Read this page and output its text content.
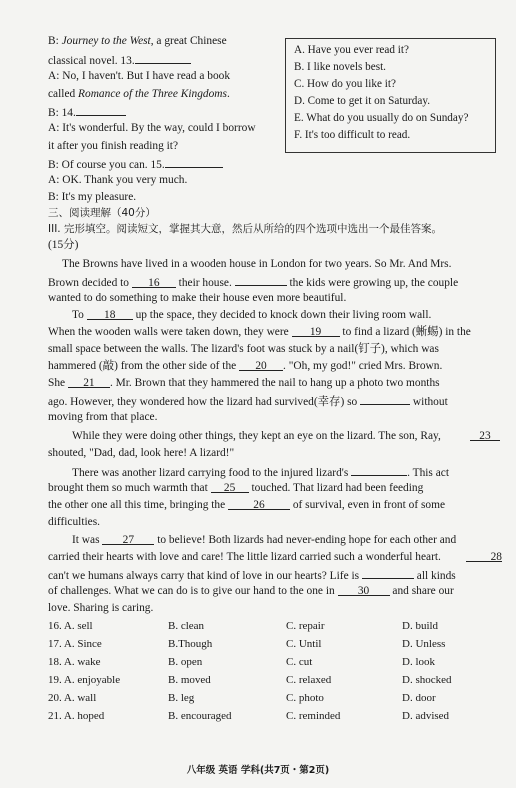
B: Journey to the West, a great Chinese
classical novel. 13.
A: No, I haven't. But I have read a book
called Romance of the Three Kingdoms.
B: 14.
A: It's wonderful. By the way, could I borrow
it after you finish reading it?
B: Of course you can. 15.
A: OK. Thank you very much.
B: It's my pleasure.
A. Have you ever read it?
B. I like novels best.
C. How do you like it?
D. Come to get it on Saturday.
E. What do you usually do on Sunday?
F. It's too difficult to read.
三、阅读理解（40分）
III. 完形填空。阅读短文，掌握其大意，然后从所给的四个选项中选出一个最佳答案。
(15分)
The Browns have lived in a wooden house in London for two years. So Mr. And Mrs.
Brown decided to 16 their house.	the kids were growing up, the couple
wanted to do something to make their house even more beautiful.
To 18 up the space, they decided to knock down their living room wall.
When the wooden walls were taken down, they were 19 to find a lizard (蜥蜴) in the
small space between the walls. The lizard's foot was stuck by a nail(钉子), which was
hammered (敲) from the other side of the 20 . "Oh, my god!" cried Mrs. Brown.
She 21 . Mr. Brown that they hammered the nail to hang up a photo two months
ago. However, they wondered how the lizard had survived(幸存) so	without
moving from that place.
While they were doing other things, they kept an eye on the lizard. The son, Ray,	23
shouted, "Dad, dad, look here! A lizard!"
There was another lizard carrying food to the injured lizard's	. This act
brought them so much warmth that 25 touched. That lizard had been feeding
the other one all this time, bringing the 26 of survival, even in front of some
difficulties.
It was 27 to believe! Both lizards had never-ending hope for each other and
carried their hearts with love and care! The little lizard carried such a wonderful heart.	28
can't we humans always carry that kind of love in our hearts? Life is	all kinds
of challenges. What we can do is to give our hand to the one in 30 and share our
love. Sharing is caring.
16. A. sell	B. clean	C. repair	D. build
17. A. Since	B.Though	C. Until	D. Unless
18. A. wake	B. open	C. cut	D. look
19. A. enjoyable	B. moved	C. relaxed	D. shocked
20. A. wall	B. leg	C. photo	D. door
21. A. hoped	B. encouraged	C. reminded	D. advised
八年级 英语 学科(共7页・第2页)
